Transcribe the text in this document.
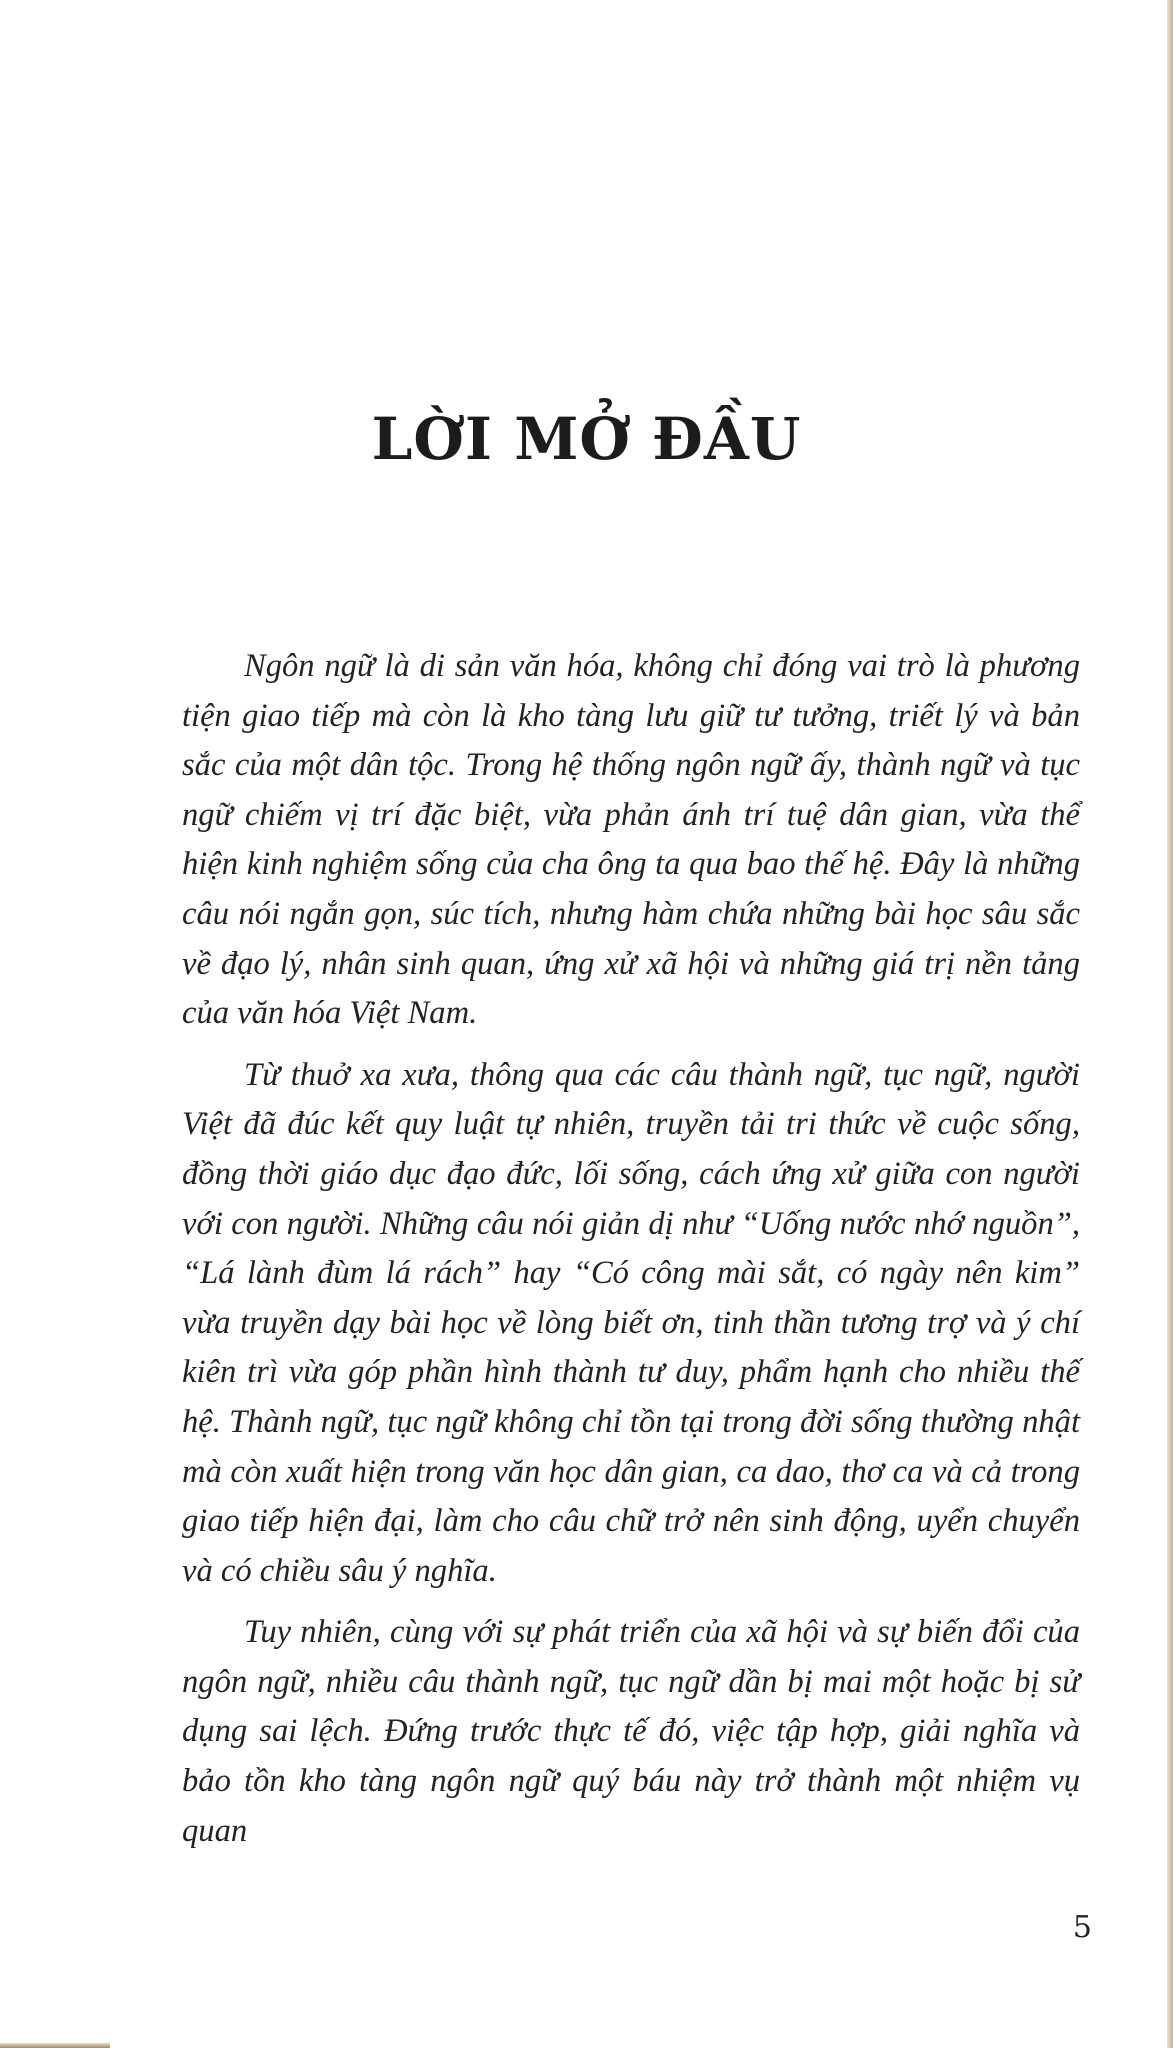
LỜI MỞ ĐẦU

Ngôn ngữ là di sản văn hóa, không chỉ đóng vai trò là phương tiện giao tiếp mà còn là kho tàng lưu giữ tư tưởng, triết lý và bản sắc của một dân tộc. Trong hệ thống ngôn ngữ ấy, thành ngữ và tục ngữ chiếm vị trí đặc biệt, vừa phản ánh trí tuệ dân gian, vừa thể hiện kinh nghiệm sống của cha ông ta qua bao thế hệ. Đây là những câu nói ngắn gọn, súc tích, nhưng hàm chứa những bài học sâu sắc về đạo lý, nhân sinh quan, ứng xử xã hội và những giá trị nền tảng của văn hóa Việt Nam.

Từ thuở xa xưa, thông qua các câu thành ngữ, tục ngữ, người Việt đã đúc kết quy luật tự nhiên, truyền tải tri thức về cuộc sống, đồng thời giáo dục đạo đức, lối sống, cách ứng xử giữa con người với con người. Những câu nói giản dị như “Uống nước nhớ nguồn”, “Lá lành đùm lá rách” hay “Có công mài sắt, có ngày nên kim” vừa truyền dạy bài học về lòng biết ơn, tinh thần tương trợ và ý chí kiên trì vừa góp phần hình thành tư duy, phẩm hạnh cho nhiều thế hệ. Thành ngữ, tục ngữ không chỉ tồn tại trong đời sống thường nhật mà còn xuất hiện trong văn học dân gian, ca dao, thơ ca và cả trong giao tiếp hiện đại, làm cho câu chữ trở nên sinh động, uyển chuyển và có chiều sâu ý nghĩa.

Tuy nhiên, cùng với sự phát triển của xã hội và sự biến đổi của ngôn ngữ, nhiều câu thành ngữ, tục ngữ dần bị mai một hoặc bị sử dụng sai lệch. Đứng trước thực tế đó, việc tập hợp, giải nghĩa và bảo tồn kho tàng ngôn ngữ quý báu này trở thành một nhiệm vụ quan

5
